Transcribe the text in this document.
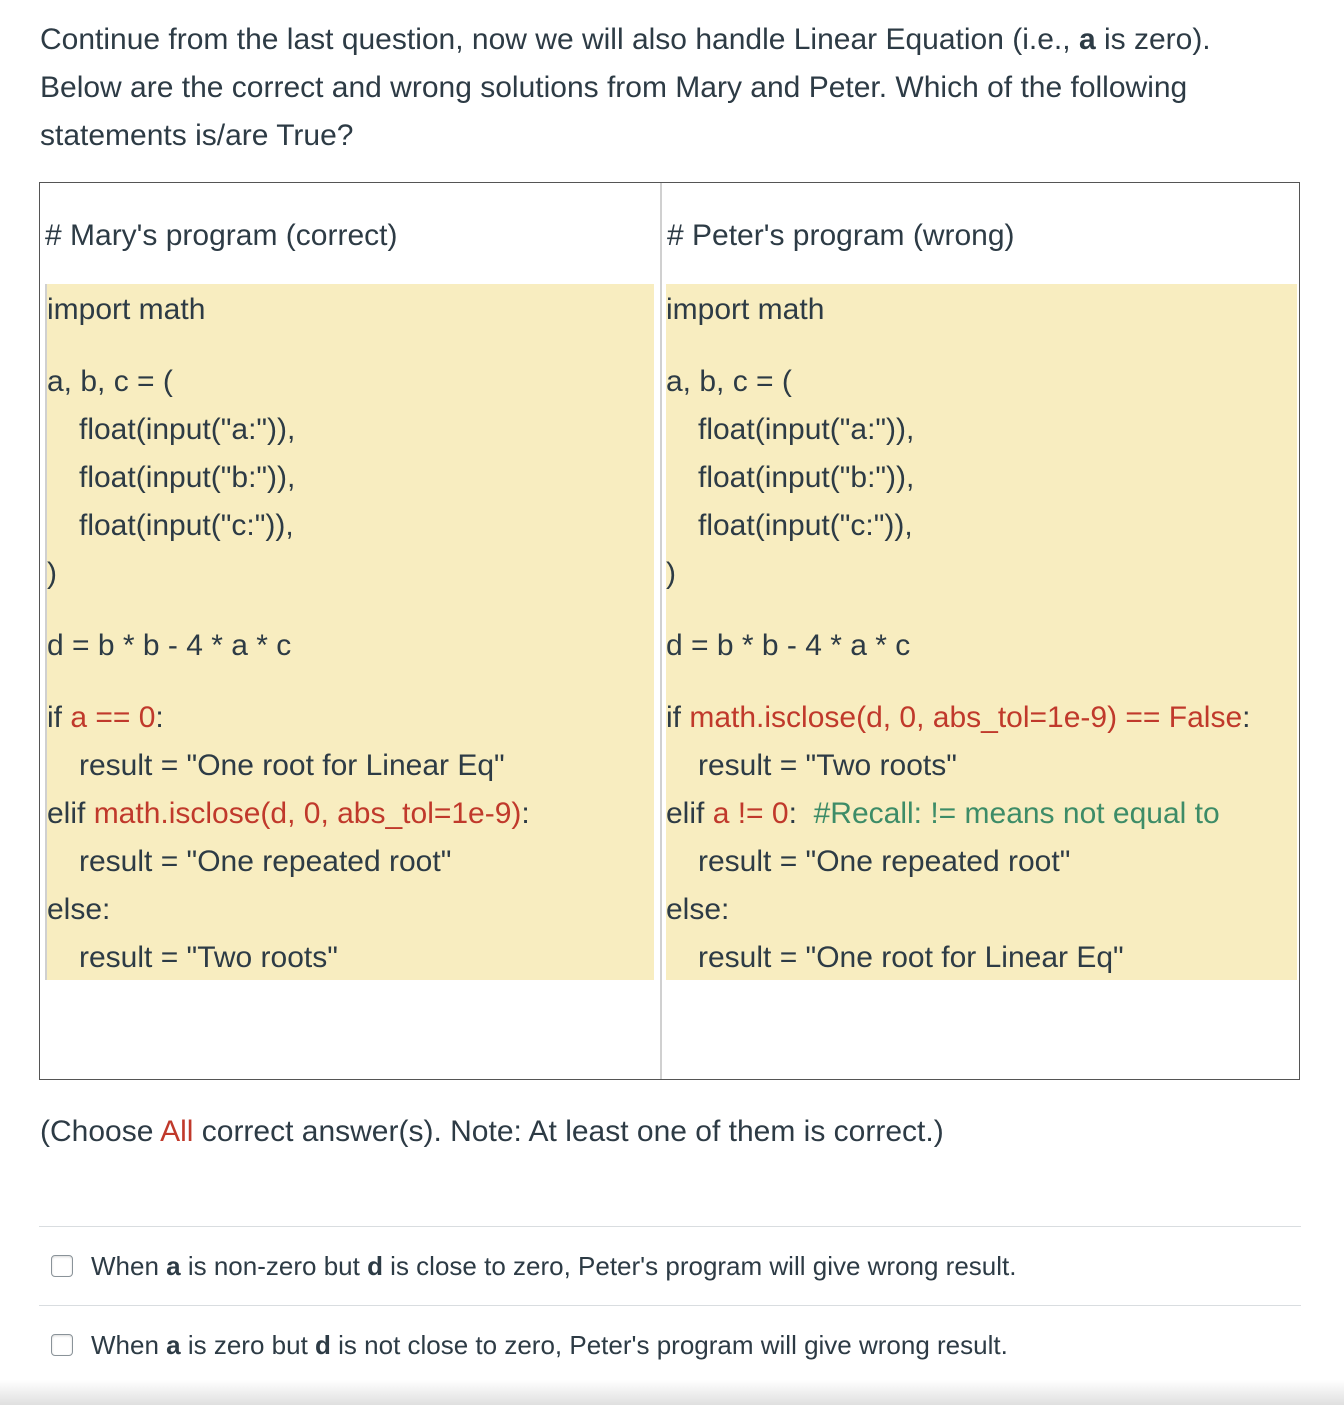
Continue from the last question, now we will also handle Linear Equation (i.e., a is zero).
Below are the correct and wrong solutions from Mary and Peter. Which of the following
statements is/are True?
# Mary's program (correct)
import math
a, b, c = (
float(input("a:")),
float(input("b:")),
float(input("c:")),
)
d = b * b - 4 * a * c
if a == 0:
result = "One root for Linear Eq"
elif math.isclose(d, 0, abs_tol=1e-9):
result = "One repeated root"
else:
result = "Two roots"
# Peter's program (wrong)
import math
a, b, c = (
float(input("a:")),
float(input("b:")),
float(input("c:")),
)
d = b * b - 4 * a * c
if math.isclose(d, 0, abs_tol=1e-9) == False:
result = "Two roots"
elif a != 0:  #Recall: != means not equal to
result = "One repeated root"
else:
result = "One root for Linear Eq"
(Choose All correct answer(s). Note: At least one of them is correct.)
When a is non-zero but d is close to zero, Peter's program will give wrong result.
When a is zero but d is not close to zero, Peter's program will give wrong result.
